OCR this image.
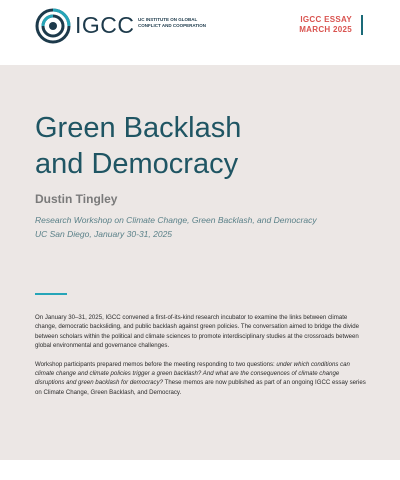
IGCC UC INSTITUTE ON GLOBAL
CONFLICT AND COOPERATION
IGCC ESSAY
MARCH 2025
Green Backlash
and Democracy
Dustin Tingley
Research Workshop on Climate Change, Green Backlash, and Democracy
UC San Diego, January 30-31, 2025

On January 30–31, 2025, IGCC convened a first-of-its-kind research incubator to examine the links between climate change, democratic backsliding, and public backlash against green policies. The conversation aimed to bridge the divide between scholars within the political and climate sciences to promote interdisciplinary studies at the crossroads between global environmental and governance challenges.

Workshop participants prepared memos before the meeting responding to two questions: under which conditions can climate change and climate policies trigger a green backlash? And what are the consequences of climate change disruptions and green backlash for democracy? These memos are now published as part of an ongoing IGCC essay series on Climate Change, Green Backlash, and Democracy.
